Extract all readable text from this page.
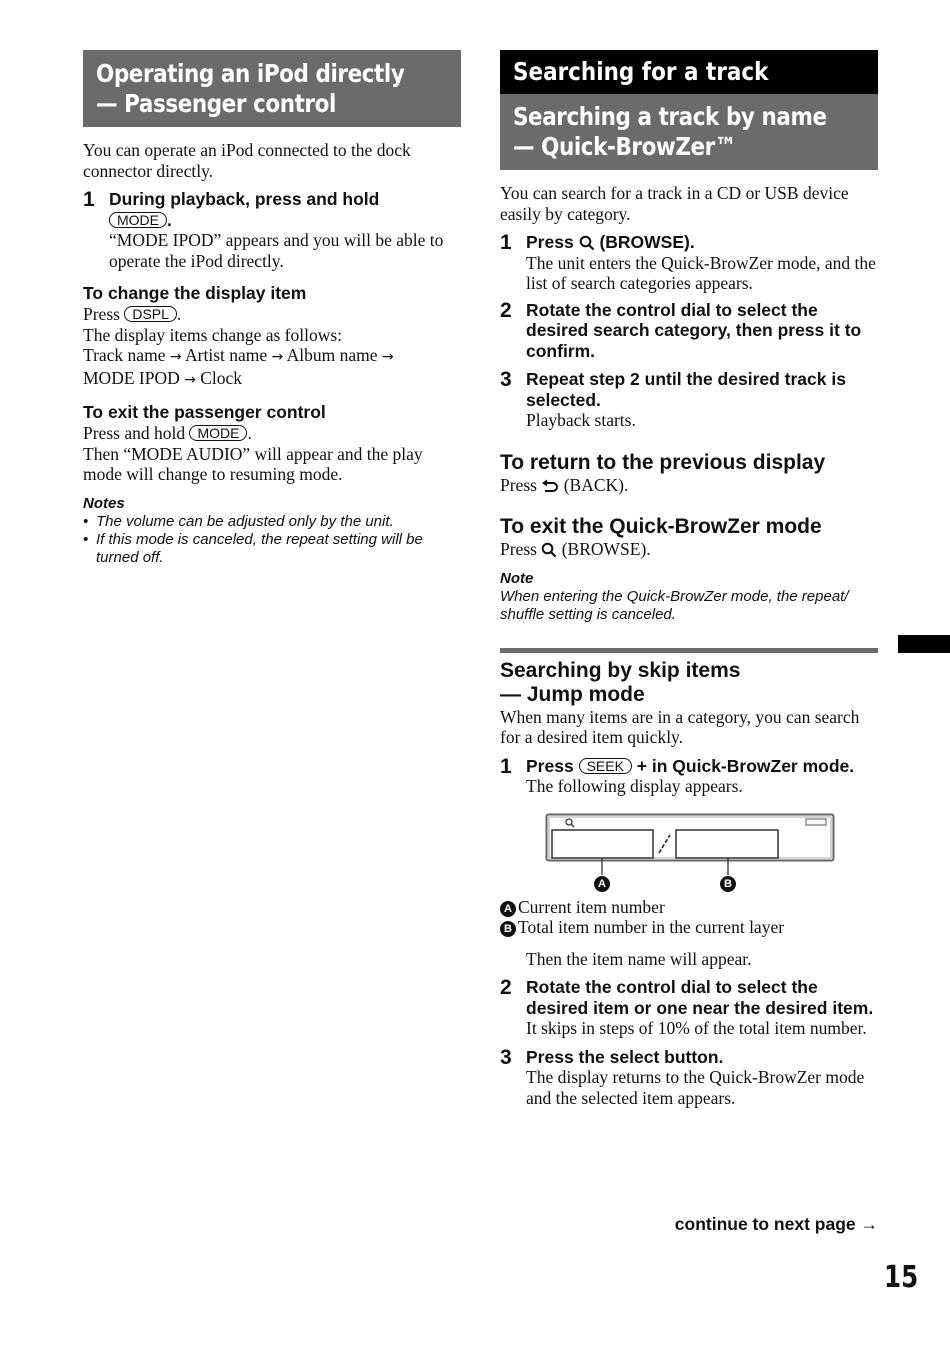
Operating an iPod directly
— Passenger control
You can operate an iPod connected to the dock connector directly.
1 During playback, press and hold
MODE .
“MODE IPOD” appears and you will be able to operate the iPod directly.
To change the display item
Press DSPL .
The display items change as follows:
Track name → Artist name → Album name →
MODE IPOD → Clock
To exit the passenger control
Press and hold MODE .
Then “MODE AUDIO” will appear and the play mode will change to resuming mode.
Notes
• The volume can be adjusted only by the unit.
• If this mode is canceled, the repeat setting will be turned off.
Searching for a track
Searching a track by name
— Quick-BrowZer™
You can search for a track in a CD or USB device easily by category.
1 Press (BROWSE).
The unit enters the Quick-BrowZer mode, and the list of search categories appears.
2 Rotate the control dial to select the desired search category, then press it to confirm.
3 Repeat step 2 until the desired track is selected.
Playback starts.
To return to the previous display
Press (BACK).
To exit the Quick-BrowZer mode
Press (BROWSE).
Note
When entering the Quick-BrowZer mode, the repeat/ shuffle setting is canceled.
Searching by skip items
— Jump mode
When many items are in a category, you can search for a desired item quickly.
1 Press SEEK + in Quick-BrowZer mode.
The following display appears.
A	B
A Current item number
B Total item number in the current layer
Then the item name will appear.
2 Rotate the control dial to select the desired item or one near the desired item.
It skips in steps of 10% of the total item number.
3 Press the select button.
The display returns to the Quick-BrowZer mode and the selected item appears.
continue to next page →
15
